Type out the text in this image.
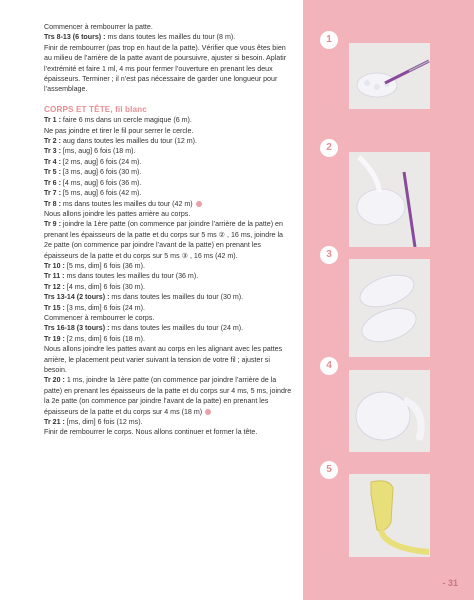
Commencer à rembourrer la patte.

Trs 8-13 (6 tours) : ms dans toutes les mailles du tour (8 m).

Finir de rembourrer (pas trop en haut de la patte). Vérifier que vous êtes bien au milieu de l’arrière de la patte avant de poursuivre, ajuster si besoin. Aplatir l’extrémité et faire 1 ml, 4 ms pour fermer l’ouverture en prenant les deux épaisseurs. Terminer ; il n’est pas nécessaire de garder une longueur pour l’assemblage.

CORPS ET TÊTE, fil blanc

Tr 1 : faire 6 ms dans un cercle magique (6 m).

Ne pas joindre et tirer le fil pour serrer le cercle.

Tr 2 : aug dans toutes les mailles du tour (12 m).

Tr 3 : [ms, aug] 6 fois (18 m).

Tr 4 : [2 ms, aug] 6 fois (24 m).

Tr 5 : [3 ms, aug] 6 fois (30 m).

Tr 6 : [4 ms, aug] 6 fois (36 m).

Tr 7 : [5 ms, aug] 6 fois (42 m).

Tr 8 : ms dans toutes les mailles du tour (42 m)

Nous allons joindre les pattes arrière au corps.

Tr 9 : joindre la 1ère patte (on commence par joindre l’arrière de la patte) en prenant les épaisseurs de la patte et du corps sur 5 ms ② , 16 ms, joindre la 2e patte (on commence par joindre l’avant de la patte) en prenant les épaisseurs de la patte et du corps sur 5 ms ③ , 16 ms (42 m).

Tr 10 : [5 ms, dim] 6 fois (36 m).

Tr 11 : ms dans toutes les mailles du tour (36 m).

Tr 12 : [4 ms, dim] 6 fois (30 m).

Trs 13-14 (2 tours) : ms dans toutes les mailles du tour (30 m).

Tr 15 : [3 ms, dim] 6 fois (24 m).

Commencer à rembourrer le corps.

Trs 16-18 (3 tours) : ms dans toutes les mailles du tour (24 m).

Tr 19 : [2 ms, dim] 6 fois (18 m).

Nous allons joindre les pattes avant au corps en les alignant avec les pattes arrière, le placement peut varier suivant la tension de votre fil ; ajuster si besoin.

Tr 20 : 1 ms, joindre la 1ère patte (on commence par joindre l’arrière de la patte) en prenant les épaisseurs de la patte et du corps sur 4 ms, 5 ms, joindre la 2e patte (on commence par joindre l’avant de la patte) en prenant les épaisseurs de la patte et du corps sur 4 ms (18 m)

Tr 21 : [ms, dim] 6 fois (12 ms).

Finir de rembourrer le corps. Nous allons continuer et former la tête.

1
2
3
4
5
- 31
